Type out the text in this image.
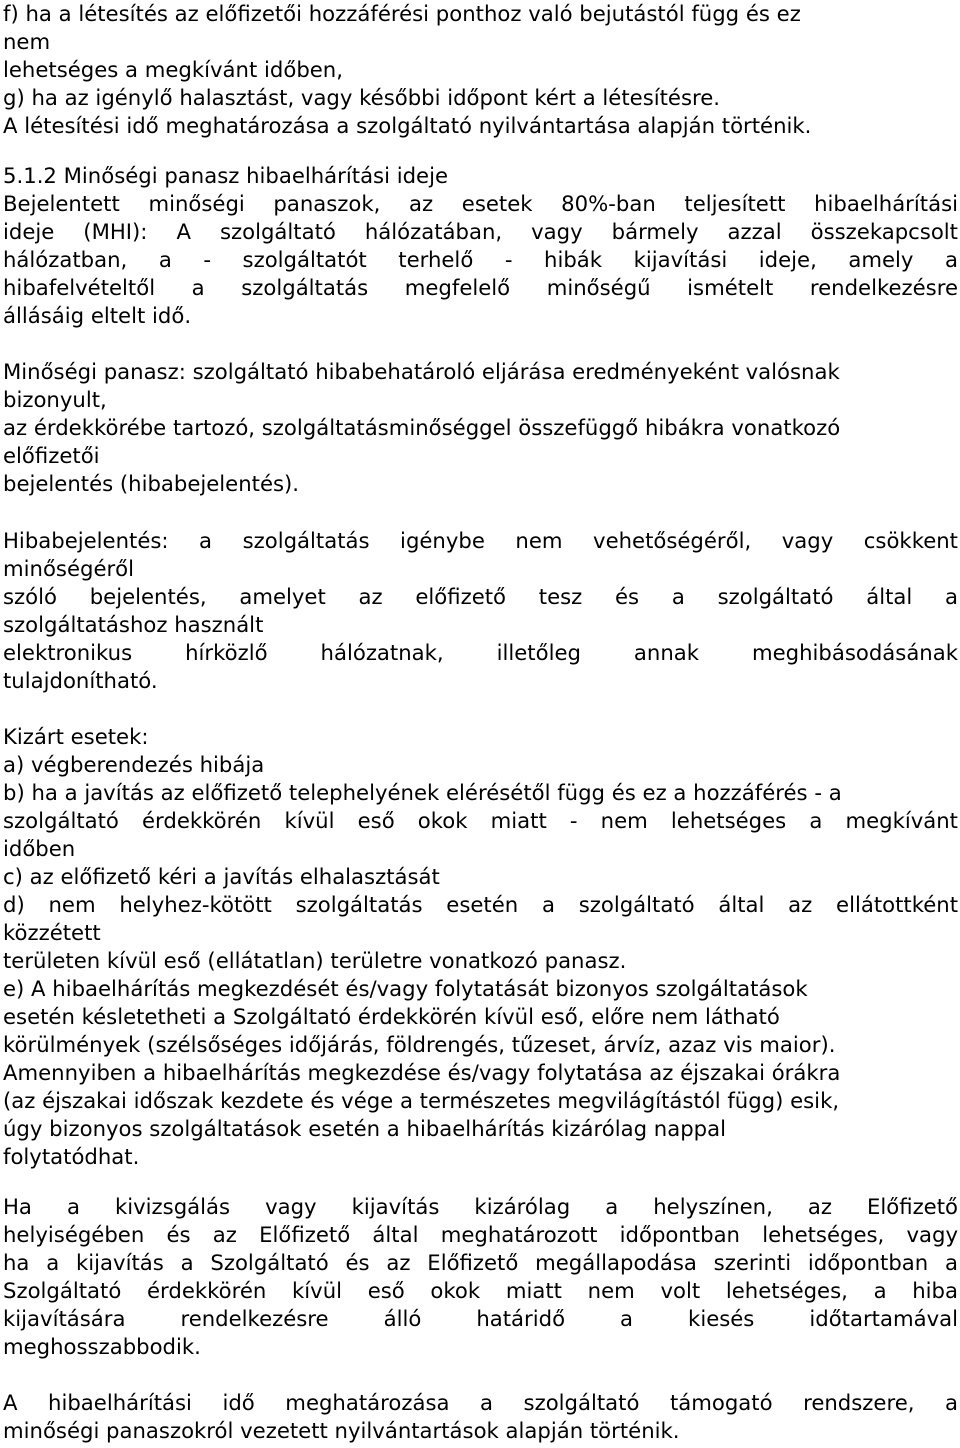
f) ha a létesítés az előfizetői hozzáférési ponthoz való bejutástól függ és ez

nem

lehetséges a megkívánt időben,

g) ha az igénylő halasztást, vagy későbbi időpont kért a létesítésre.

A létesítési idő meghatározása a szolgáltató nyilvántartása alapján történik.

5.1.2 Minőségi panasz hibaelhárítási ideje

Bejelentett minőségi panaszok, az esetek 80%-ban teljesített hibaelhárítási

ideje (MHI): A szolgáltató hálózatában, vagy bármely azzal összekapcsolt

hálózatban, a - szolgáltatót terhelő - hibák kijavítási ideje, amely a

hibafelvételtől a szolgáltatás megfelelő minőségű ismételt rendelkezésre

állásáig eltelt idő.

Minőségi panasz: szolgáltató hibabehatároló eljárása eredményeként valósnak

bizonyult,

az érdekkörébe tartozó, szolgáltatásminőséggel összefüggő hibákra vonatkozó

előfizetői

bejelentés (hibabejelentés).

Hibabejelentés: a szolgáltatás igénybe nem vehetőségéről, vagy csökkent

minőségéről

szóló bejelentés, amelyet az előfizető tesz és a szolgáltató által a

szolgáltatáshoz használt

elektronikus hírközlő hálózatnak, illetőleg annak meghibásodásának

tulajdonítható.

Kizárt esetek:

a) végberendezés hibája

b) ha a javítás az előfizető telephelyének elérésétől függ és ez a hozzáférés - a

szolgáltató érdekkörén kívül eső okok miatt - nem lehetséges a megkívánt

időben

c) az előfizető kéri a javítás elhalasztását

d) nem helyhez-kötött szolgáltatás esetén a szolgáltató által az ellátottként

közzétett

területen kívül eső (ellátatlan) területre vonatkozó panasz.

e) A hibaelhárítás megkezdését és/vagy folytatását bizonyos szolgáltatások

esetén késletetheti a Szolgáltató érdekkörén kívül eső, előre nem látható

körülmények (szélsőséges időjárás, földrengés, tűzeset, árvíz, azaz vis maior).

Amennyiben a hibaelhárítás megkezdése és/vagy folytatása az éjszakai órákra

(az éjszakai időszak kezdete és vége a természetes megvilágítástól függ) esik,

úgy bizonyos szolgáltatások esetén a hibaelhárítás kizárólag nappal

folytatódhat.

Ha a kivizsgálás vagy kijavítás kizárólag a helyszínen, az Előfizető

helyiségében és az Előfizető által meghatározott időpontban lehetséges, vagy

ha a kijavítás a Szolgáltató és az Előfizető megállapodása szerinti időpontban a

Szolgáltató érdekkörén kívül eső okok miatt nem volt lehetséges, a hiba

kijavítására rendelkezésre álló határidő a kiesés időtartamával

meghosszabbodik.

A hibaelhárítási idő meghatározása a szolgáltató támogató rendszere, a

minőségi panaszokról vezetett nyilvántartások alapján történik.
